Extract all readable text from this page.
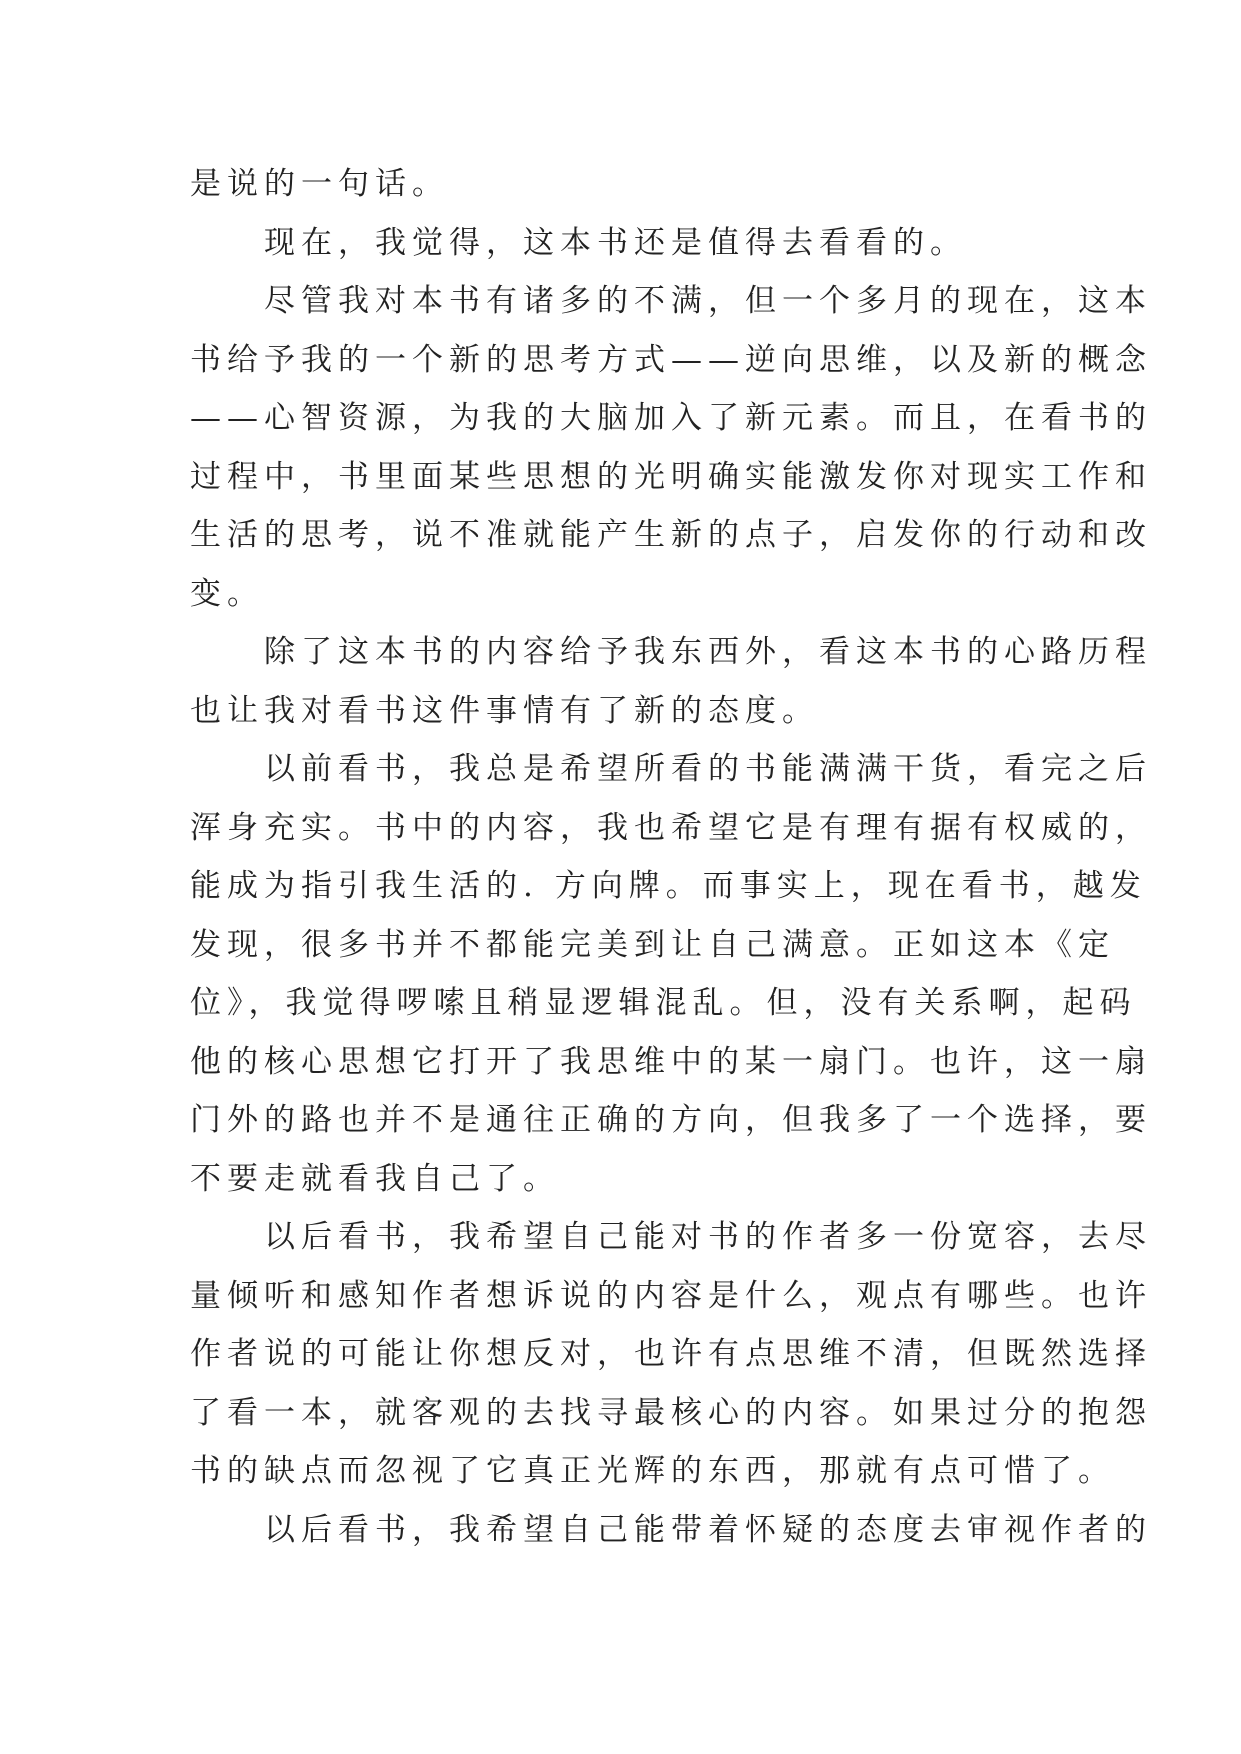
是说的一句话。
现在，我觉得，这本书还是值得去看看的。
尽管我对本书有诸多的不满，但一个多月的现在，这本
书给予我的一个新的思考方式——逆向思维，以及新的概念
——心智资源，为我的大脑加入了新元素。而且，在看书的
过程中，书里面某些思想的光明确实能激发你对现实工作和
生活的思考，说不准就能产生新的点子，启发你的行动和改
变。
除了这本书的内容给予我东西外，看这本书的心路历程
也让我对看书这件事情有了新的态度。
以前看书，我总是希望所看的书能满满干货，看完之后
浑身充实。书中的内容，我也希望它是有理有据有权威的，
能成为指引我生活的. 方向牌。而事实上，现在看书，越发
发现，很多书并不都能完美到让自己满意。正如这本《定
位》，我觉得啰嗦且稍显逻辑混乱。但，没有关系啊，起码
他的核心思想它打开了我思维中的某一扇门。也许，这一扇
门外的路也并不是通往正确的方向，但我多了一个选择，要
不要走就看我自己了。
以后看书，我希望自己能对书的作者多一份宽容，去尽
量倾听和感知作者想诉说的内容是什么，观点有哪些。也许
作者说的可能让你想反对，也许有点思维不清，但既然选择
了看一本，就客观的去找寻最核心的内容。如果过分的抱怨
书的缺点而忽视了它真正光辉的东西，那就有点可惜了。
以后看书，我希望自己能带着怀疑的态度去审视作者的
